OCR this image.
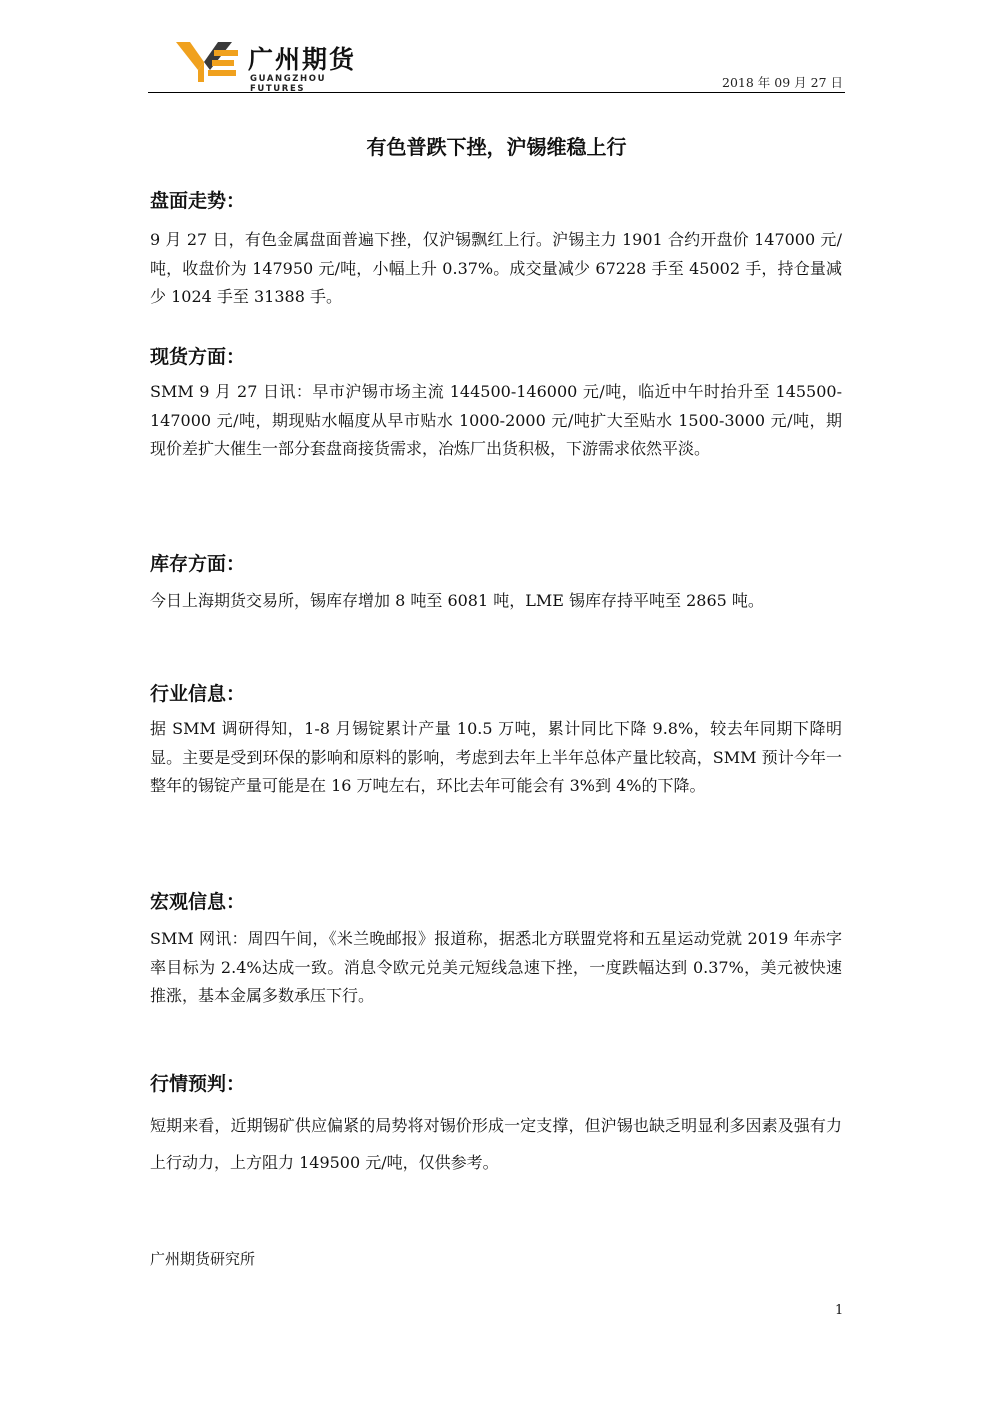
广州期货
GUANGZHOU FUTURES	2018 年 09 月 27 日
有色普跌下挫，沪锡维稳上行
盘面走势：
9 月 27 日，有色金属盘面普遍下挫，仅沪锡飘红上行。沪锡主力 1901 合约开盘价 147000 元/吨，收盘价为 147950 元/吨，小幅上升 0.37%。成交量减少 67228 手至 45002 手，持仓量减少 1024 手至 31388 手。
现货方面：
SMM 9 月 27 日讯：早市沪锡市场主流 144500-146000 元/吨，临近中午时抬升至 145500-147000 元/吨，期现贴水幅度从早市贴水 1000-2000 元/吨扩大至贴水 1500-3000 元/吨，期现价差扩大催生一部分套盘商接货需求，冶炼厂出货积极，下游需求依然平淡。
库存方面：
今日上海期货交易所，锡库存增加 8 吨至 6081 吨，LME 锡库存持平吨至 2865 吨。
行业信息：
据 SMM 调研得知，1-8 月锡锭累计产量 10.5 万吨，累计同比下降 9.8%，较去年同期下降明显。主要是受到环保的影响和原料的影响，考虑到去年上半年总体产量比较高，SMM 预计今年一整年的锡锭产量可能是在 16 万吨左右，环比去年可能会有 3%到 4%的下降。
宏观信息：
SMM 网讯：周四午间，《米兰晚邮报》报道称，据悉北方联盟党将和五星运动党就 2019 年赤字率目标为 2.4%达成一致。消息令欧元兑美元短线急速下挫，一度跌幅达到 0.37%，美元被快速推涨，基本金属多数承压下行。
行情预判：
短期来看，近期锡矿供应偏紧的局势将对锡价形成一定支撑，但沪锡也缺乏明显利多因素及强有力上行动力，上方阻力 149500 元/吨，仅供参考。
广州期货研究所
1
